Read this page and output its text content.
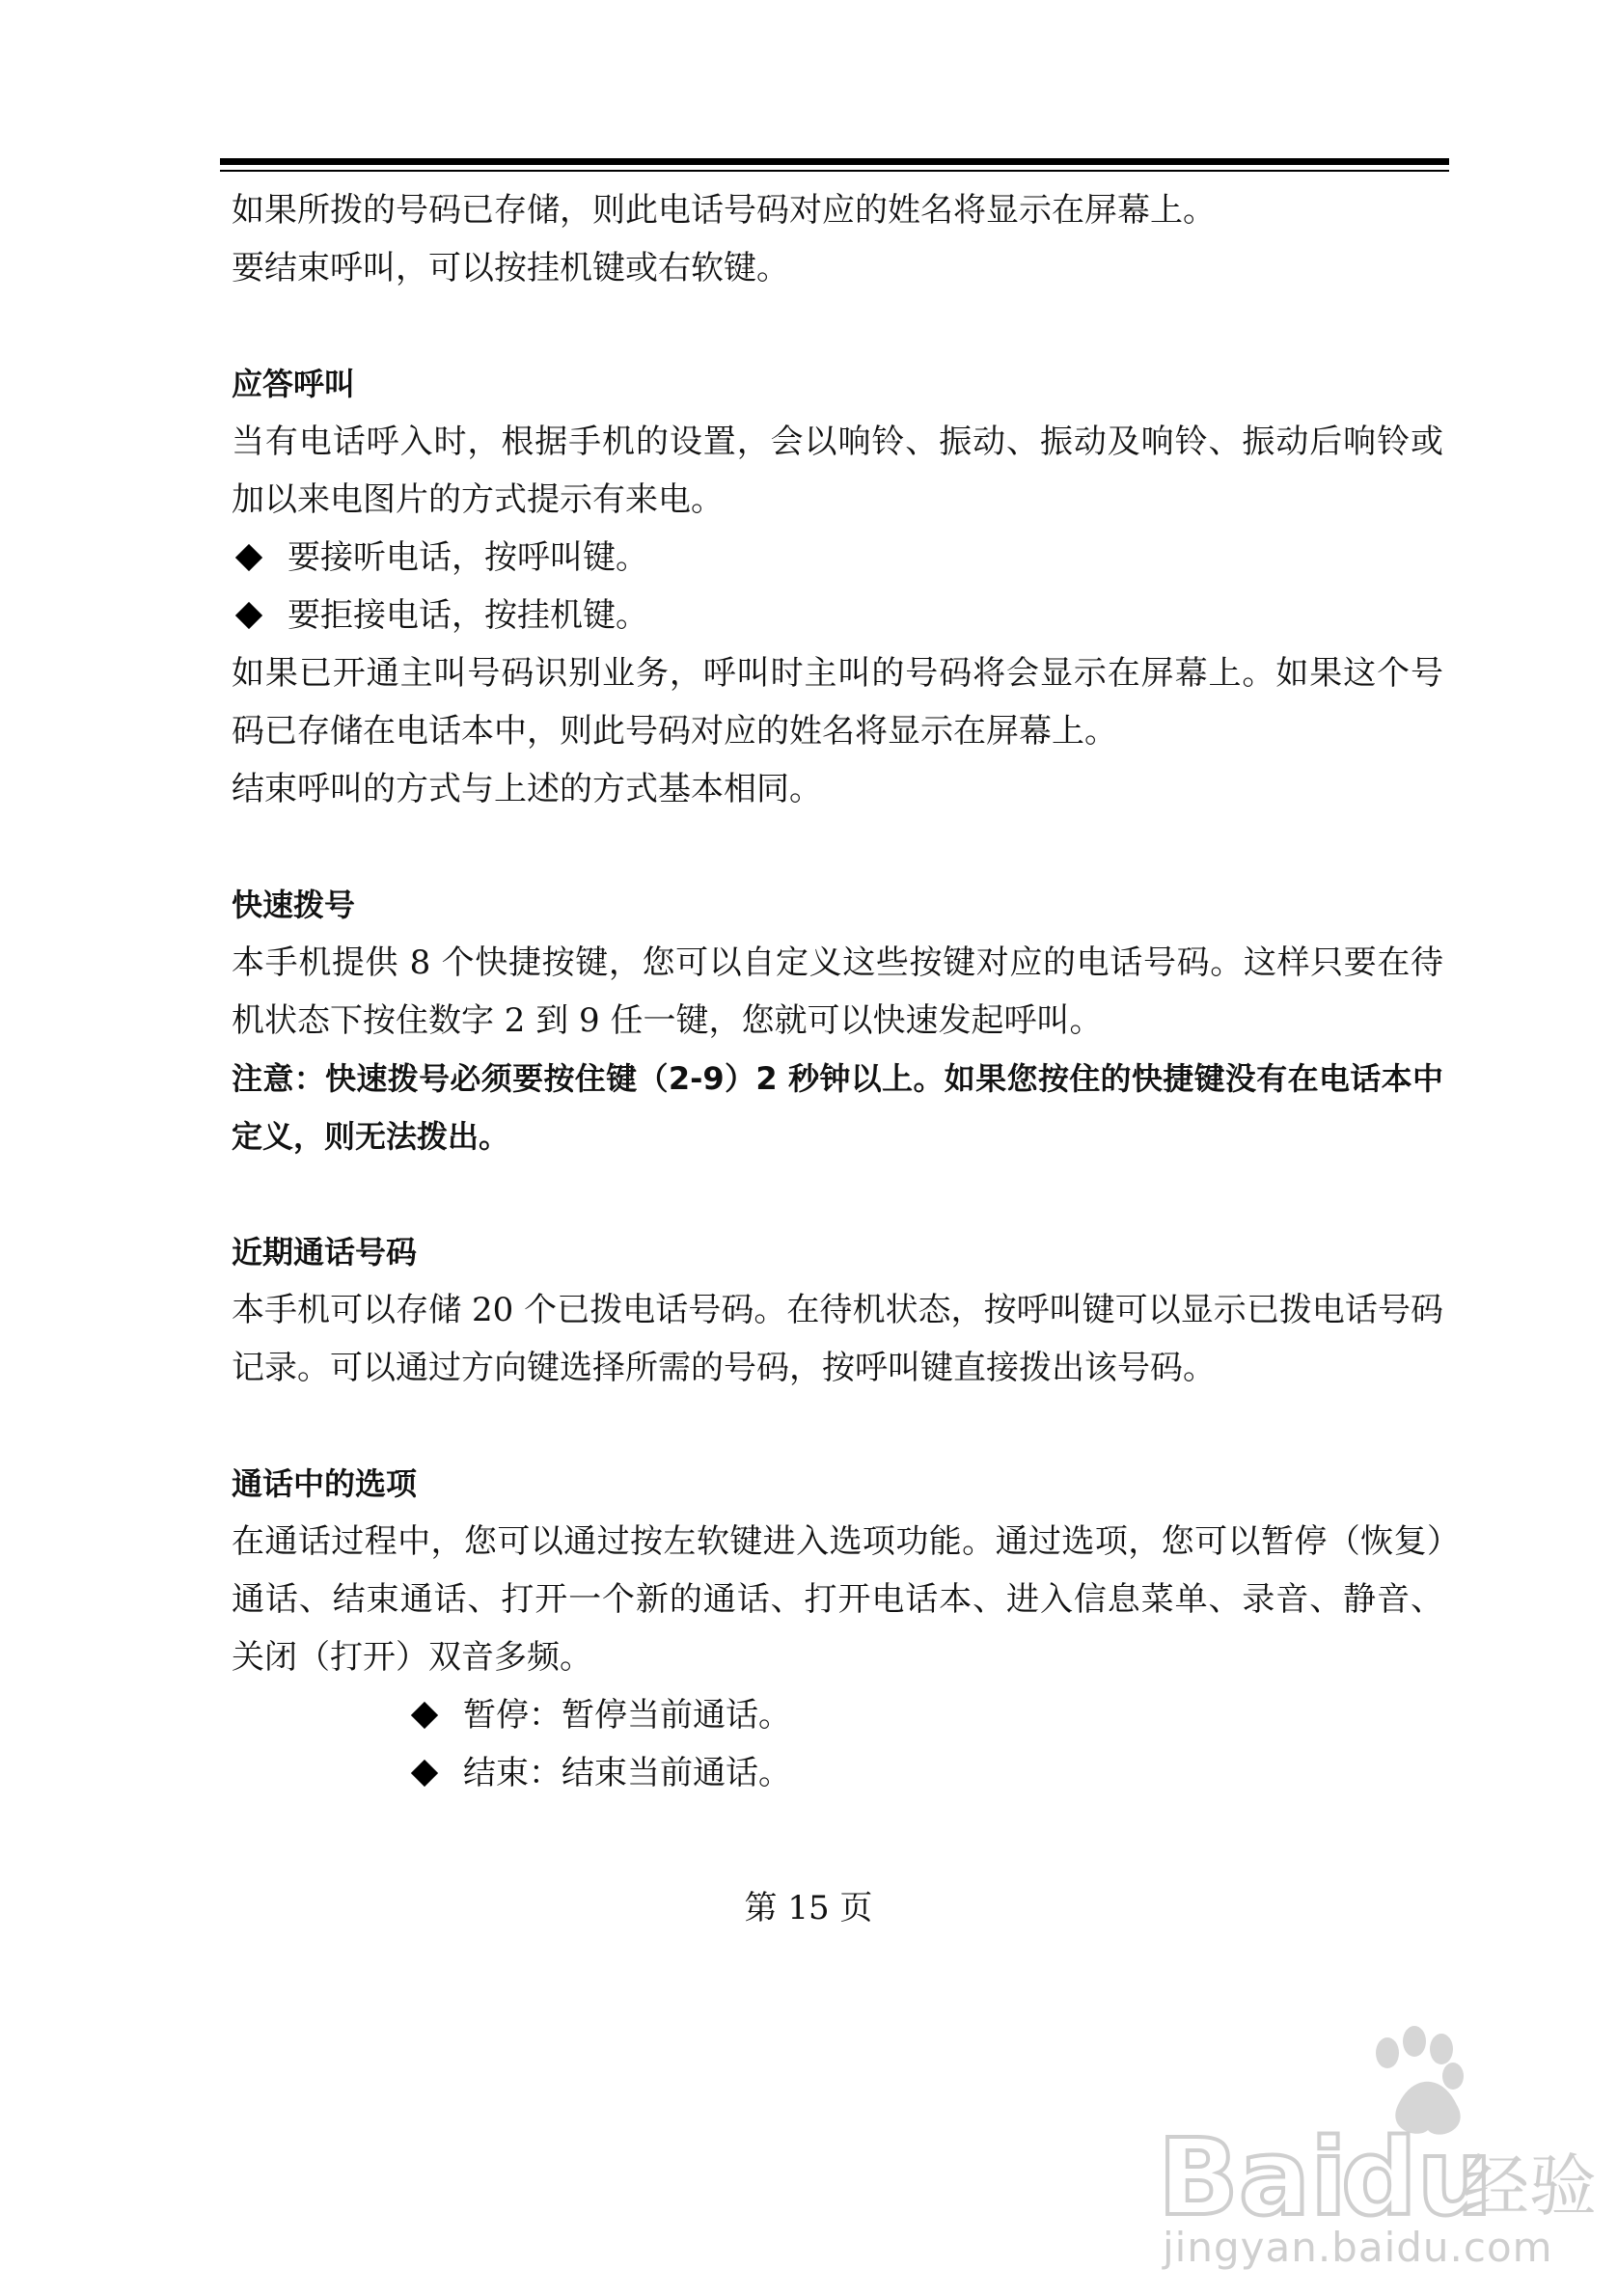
如果所拨的号码已存储，则此电话号码对应的姓名将显示在屏幕上。

要结束呼叫，可以按挂机键或右软键。

应答呼叫

当有电话呼入时，根据手机的设置，会以响铃、振动、振动及响铃、振动后响铃或加以来电图片的方式提示有来电。

要接听电话，按呼叫键。

要拒接电话，按挂机键。

如果已开通主叫号码识别业务，呼叫时主叫的号码将会显示在屏幕上。如果这个号码已存储在电话本中，则此号码对应的姓名将显示在屏幕上。

结束呼叫的方式与上述的方式基本相同。

快速拨号

本手机提供 8 个快捷按键，您可以自定义这些按键对应的电话号码。这样只要在待机状态下按住数字 2 到 9 任一键，您就可以快速发起呼叫。

注意：快速拨号必须要按住键（2-9）2 秒钟以上。如果您按住的快捷键没有在电话本中定义，则无法拨出。

近期通话号码

本手机可以存储 20 个已拨电话号码。在待机状态，按呼叫键可以显示已拨电话号码记录。可以通过方向键选择所需的号码，按呼叫键直接拨出该号码。

通话中的选项

在通话过程中，您可以通过按左软键进入选项功能。通过选项，您可以暂停（恢复）通话、结束通话、打开一个新的通话、打开电话本、进入信息菜单、录音、静音、关闭（打开）双音多频。

暂停：暂停当前通话。

结束：结束当前通话。

第 15 页
Bai
du
经验
jingyan.baidu.com
